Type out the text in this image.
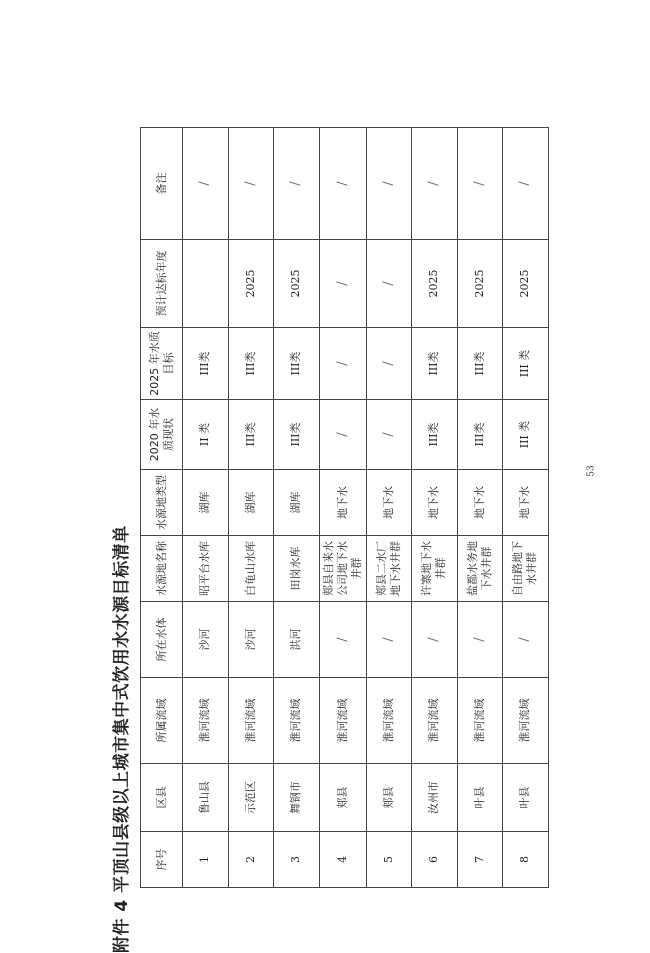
附件 4 平顶山县级以上城市集中式饮用水水源目标清单 序号	区县	所属流域	所在水体	水源地名称	水源地类型	2020 年水质现状	2025 年水质目标	预计达标年度	备注
1	鲁山县	淮河流域	沙河	昭平台水库	湖库	II 类	III类		/
2	示范区	淮河流域	沙河	白龟山水库	湖库	III类	III类	2025	/
3	舞钢市	淮河流域	洪河	田岗水库	湖库	III类	III类	2025	/
4	郏县	淮河流域	/	郏县自来水公司地下水井群	地下水	/	/	/	/
5	郏县	淮河流域	/	郏县二水厂地下水井群	地下水	/	/	/	/
6	汝州市	淮河流域	/	许寨地下水井群	地下水	III类	III类	2025	/
7	叶县	淮河流域	/	盐都水务地下水井群	地下水	III类	III类	2025	/
8	叶县	淮河流域	/	自由路地下水井群	地下水	III 类	III 类	2025	/
53
